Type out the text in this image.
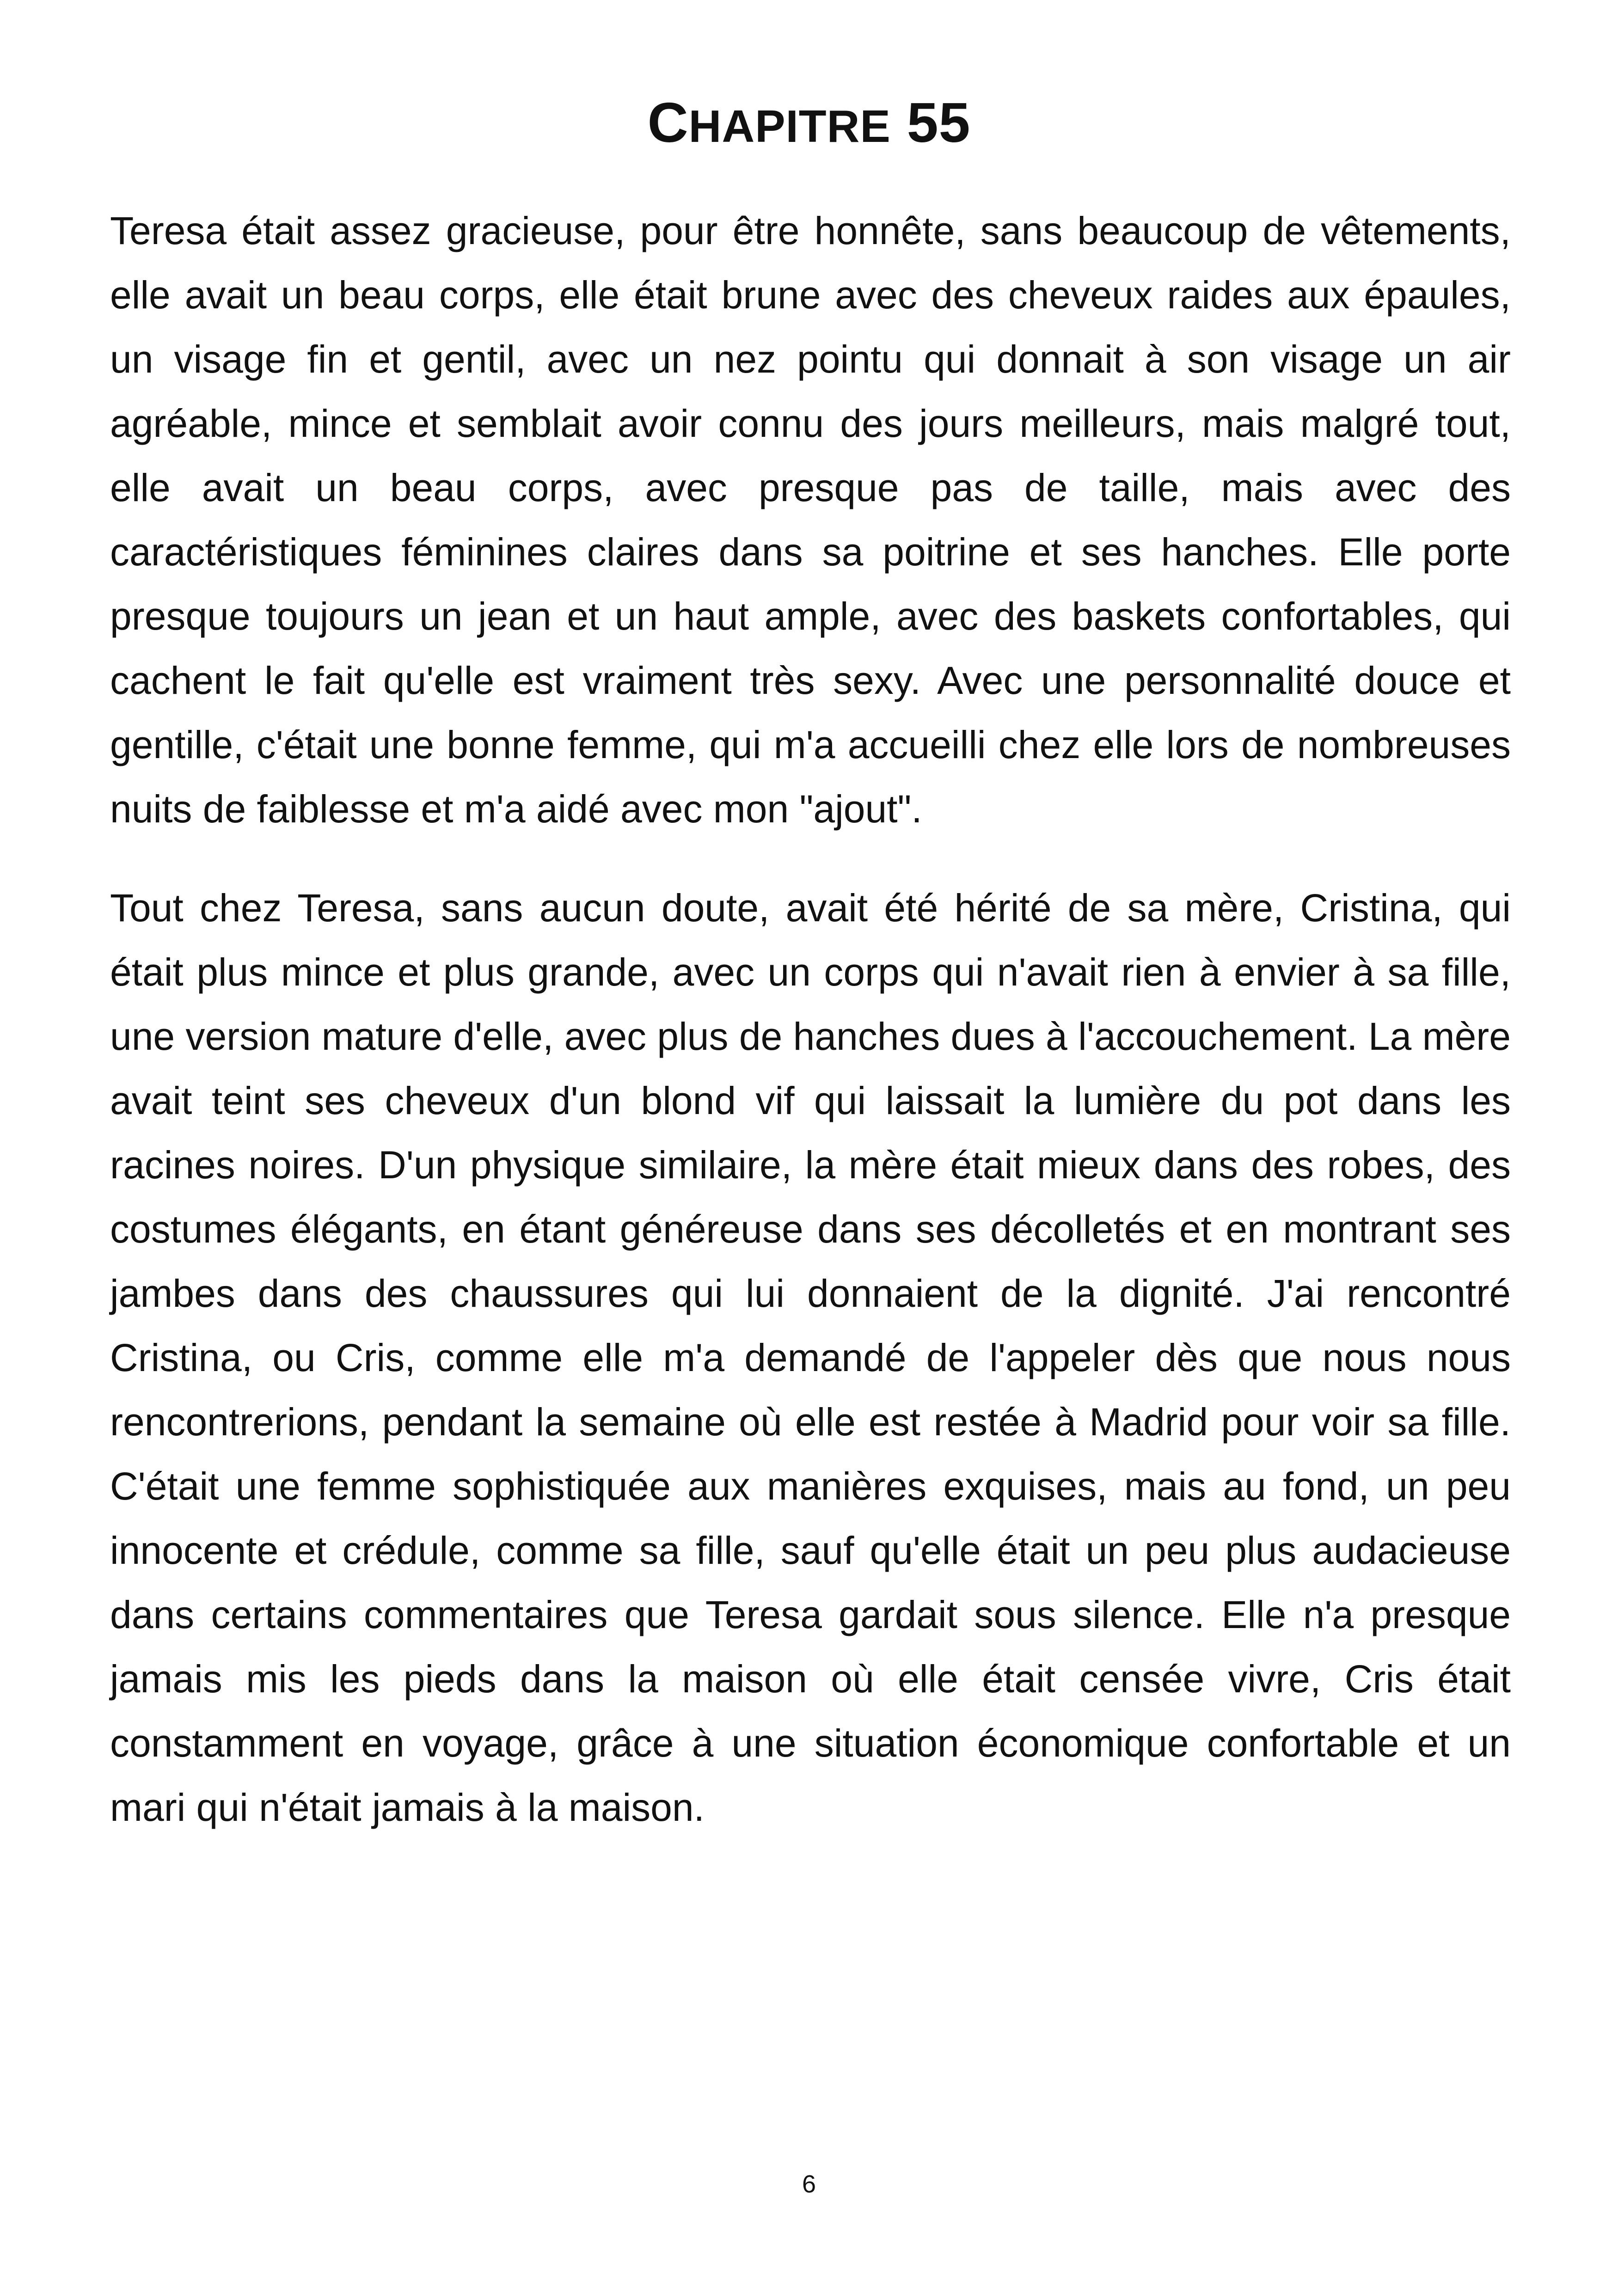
CHAPITRE 55

Teresa était assez gracieuse, pour être honnête, sans beaucoup de vêtements, elle avait un beau corps, elle était brune avec des cheveux raides aux épaules, un visage fin et gentil, avec un nez pointu qui donnait à son visage un air agréable, mince et semblait avoir connu des jours meilleurs, mais malgré tout, elle avait un beau corps, avec presque pas de taille, mais avec des caractéristiques féminines claires dans sa poitrine et ses hanches. Elle porte presque toujours un jean et un haut ample, avec des baskets confortables, qui cachent le fait qu'elle est vraiment très sexy. Avec une personnalité douce et gentille, c'était une bonne femme, qui m'a accueilli chez elle lors de nombreuses nuits de faiblesse et m'a aidé avec mon "ajout".

Tout chez Teresa, sans aucun doute, avait été hérité de sa mère, Cristina, qui était plus mince et plus grande, avec un corps qui n'avait rien à envier à sa fille, une version mature d'elle, avec plus de hanches dues à l'accouchement. La mère avait teint ses cheveux d'un blond vif qui laissait la lumière du pot dans les racines noires. D'un physique similaire, la mère était mieux dans des robes, des costumes élégants, en étant généreuse dans ses décolletés et en montrant ses jambes dans des chaussures qui lui donnaient de la dignité. J'ai rencontré Cristina, ou Cris, comme elle m'a demandé de l'appeler dès que nous nous rencontrerions, pendant la semaine où elle est restée à Madrid pour voir sa fille. C'était une femme sophistiquée aux manières exquises, mais au fond, un peu innocente et crédule, comme sa fille, sauf qu'elle était un peu plus audacieuse dans certains commentaires que Teresa gardait sous silence. Elle n'a presque jamais mis les pieds dans la maison où elle était censée vivre, Cris était constamment en voyage, grâce à une situation économique confortable et un mari qui n'était jamais à la maison.

6
